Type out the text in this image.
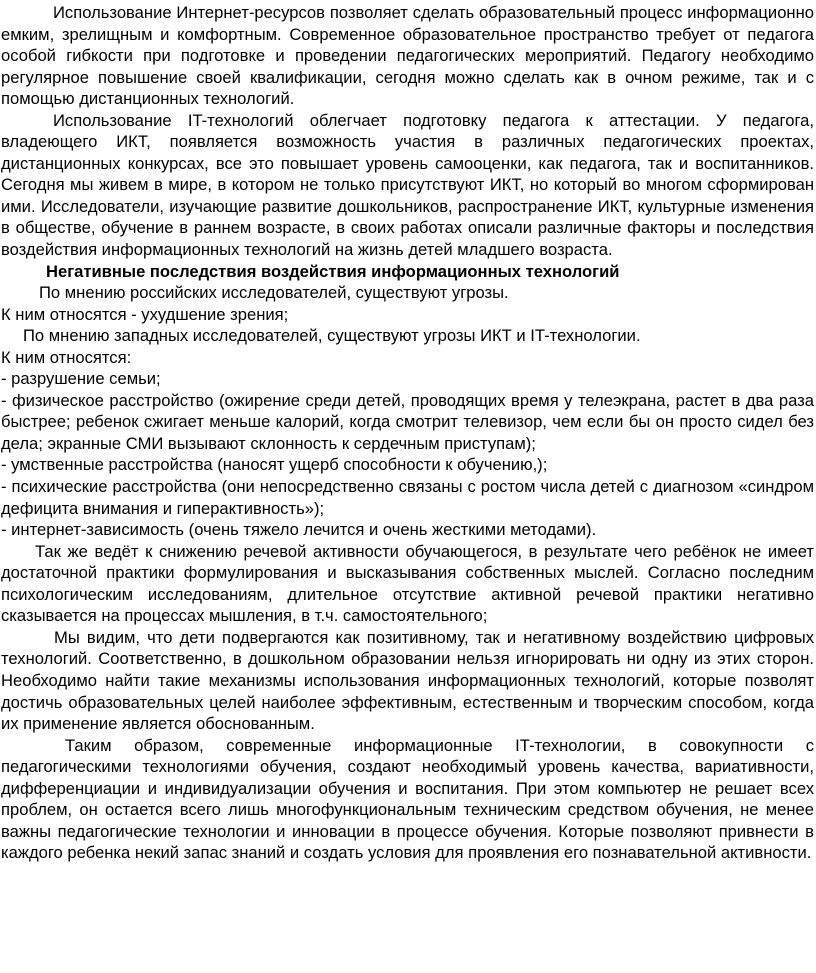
Использование Интернет-ресурсов позволяет сделать образовательный процесс информационно емким, зрелищным и комфортным. Современное образовательное пространство требует от педагога особой гибкости при подготовке и проведении педагогических мероприятий. Педагогу необходимо регулярное повышение своей квалификации, сегодня можно сделать как в очном режиме, так и с помощью дистанционных технологий.

Использование IT-технологий облегчает подготовку педагога к аттестации. У педагога, владеющего ИКТ, появляется возможность участия в различных педагогических проектах, дистанционных конкурсах, все это повышает уровень самооценки, как педагога, так и воспитанников. Сегодня мы живем в мире, в котором не только присутствуют ИКТ, но который во многом сформирован ими. Исследователи, изучающие развитие дошкольников, распространение ИКТ, культурные изменения в обществе, обучение в раннем возрасте, в своих работах описали различные факторы и последствия воздействия информационных технологий на жизнь детей младшего возраста.

Негативные последствия воздействия информационных технологий

По мнению российских исследователей, существуют угрозы.

К ним относятся - ухудшение зрения;

По мнению западных исследователей, существуют угрозы ИКТ и IT-технологии.

К ним относятся:

- разрушение семьи;

- физическое расстройство (ожирение среди детей, проводящих время у телеэкрана, растет в два раза быстрее; ребенок сжигает меньше калорий, когда смотрит телевизор, чем если бы он просто сидел без дела; экранные СМИ вызывают склонность к сердечным приступам);

- умственные расстройства (наносят ущерб способности к обучению,);

- психические расстройства (они непосредственно связаны с ростом числа детей с диагнозом «синдром дефицита внимания и гиперактивность»);

- интернет-зависимость (очень тяжело лечится и очень жесткими методами).

Так же ведёт к снижению речевой активности обучающегося, в результате чего ребёнок не имеет достаточной практики формулирования и высказывания собственных мыслей. Согласно последним психологическим исследованиям, длительное отсутствие активной речевой практики негативно сказывается на процессах мышления, в т.ч. самостоятельного;

Мы видим, что дети подвергаются как позитивному, так и негативному воздействию цифровых технологий. Соответственно, в дошкольном образовании нельзя игнорировать ни одну из этих сторон. Необходимо найти такие механизмы использования информационных технологий, которые позволят достичь образовательных целей наиболее эффективным, естественным и творческим способом, когда их применение является обоснованным.

Таким образом, современные информационные IT-технологии, в совокупности с педагогическими технологиями обучения, создают необходимый уровень качества, вариативности, дифференциации и индивидуализации обучения и воспитания. При этом компьютер не решает всех проблем, он остается всего лишь многофункциональным техническим средством обучения, не менее важны педагогические технологии и инновации в процессе обучения. Которые позволяют привнести в каждого ребенка некий запас знаний и создать условия для проявления его познавательной активности.
